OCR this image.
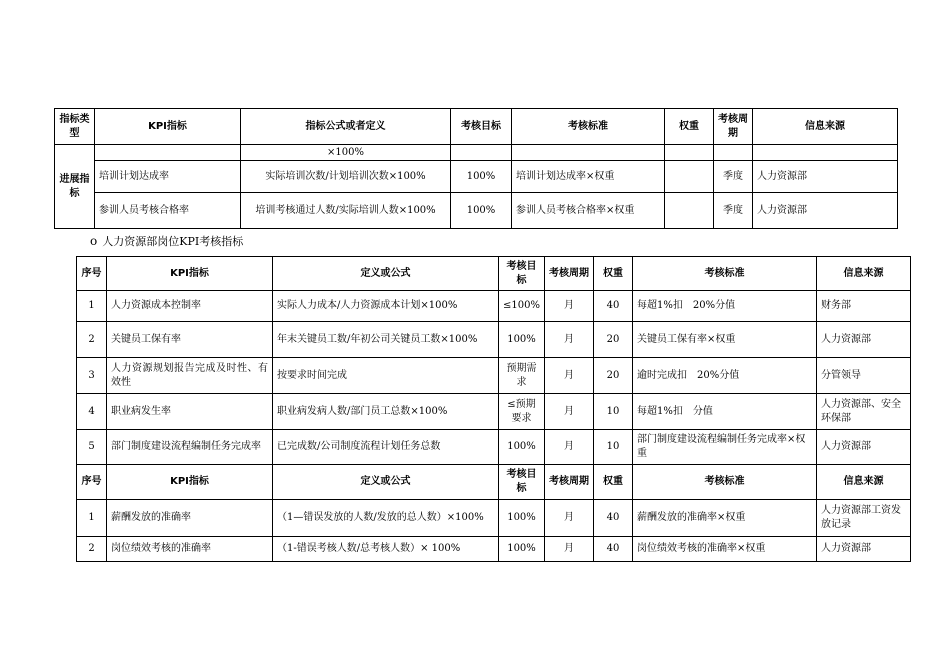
指标类型	KPI指标	指标公式或者定义	考核目标	考核标准	权重	考核周期	信息来源
进展指标		×100%					
	培训计划达成率	实际培训次数/计划培训次数×100%	100%	培训计划达成率×权重		季度	人力资源部
	参训人员考核合格率	培训考核通过人数/实际培训人数×100%	100%	参训人员考核合格率×权重		季度	人力资源部
o 人力资源部岗位KPI考核指标
序号	KPI指标	定义或公式	考核目标	考核周期	权重	考核标准	信息来源
1	人力资源成本控制率	实际人力成本/人力资源成本计划×100%	≤100%	月	40	每超1%扣　20%分值	财务部
2	关键员工保有率	年末关键员工数/年初公司关键员工数×100%	100%	月	20	关键员工保有率×权重	人力资源部
3	人力资源规划报告完成及时性、有效性	按要求时间完成	预期需求	月	20	逾时完成扣　20%分值	分管领导
4	职业病发生率	职业病发病人数/部门员工总数×100%	≤预期要求	月	10	每超1%扣　分值	人力资源部、安全环保部
5	部门制度建设流程编制任务完成率	已完成数/公司制度流程计划任务总数	100%	月	10	部门制度建设流程编制任务完成率×权重	人力资源部
序号	KPI指标	定义或公式	考核目标	考核周期	权重	考核标准	信息来源
1	薪酬发放的准确率	（1—错误发放的人数/发放的总人数）×100%	100%	月	40	薪酬发放的准确率×权重	人力资源部工资发放记录
2	岗位绩效考核的准确率	（1-错误考核人数/总考核人数）× 100%	100%	月	40	岗位绩效考核的准确率×权重	人力资源部
